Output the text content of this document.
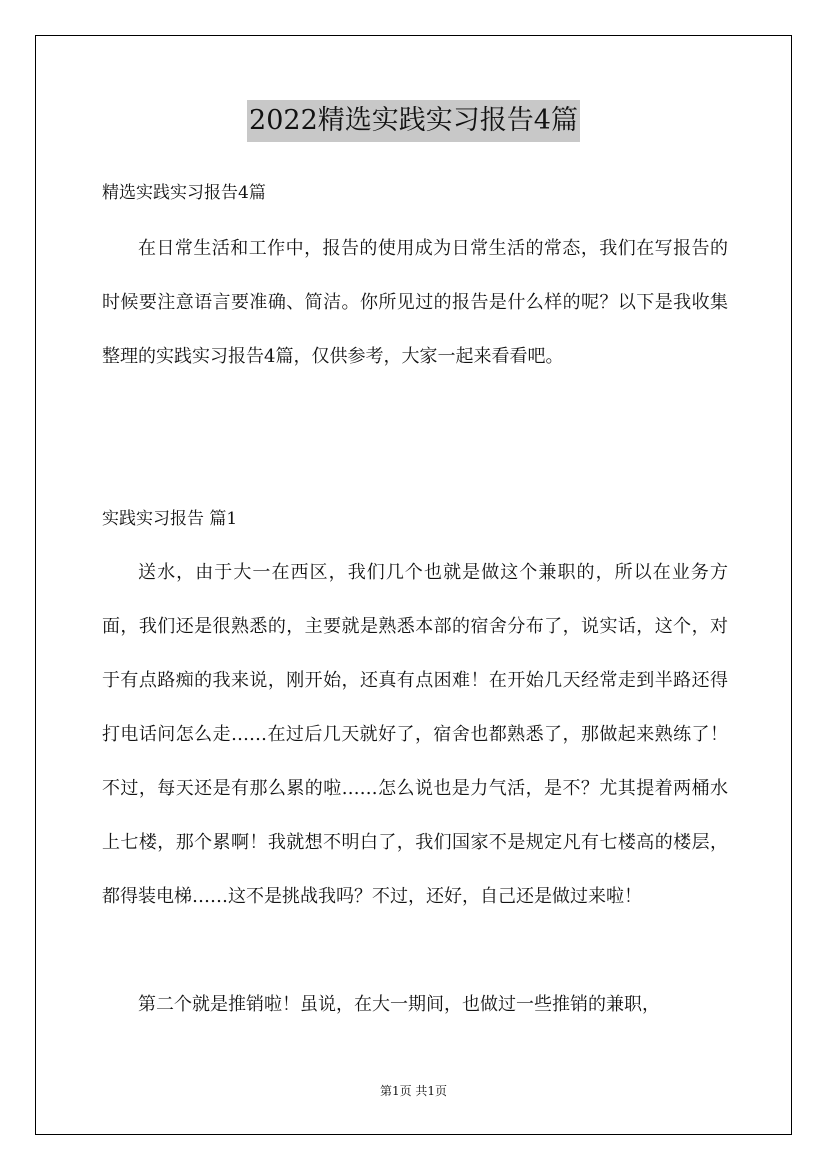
2022精选实践实习报告4篇
精选实践实习报告4篇

在日常生活和工作中，报告的使用成为日常生活的常态，我们在写报告的时候要注意语言要准确、简洁。你所见过的报告是什么样的呢？以下是我收集整理的实践实习报告4篇，仅供参考，大家一起来看看吧。

实践实习报告 篇1

送水，由于大一在西区，我们几个也就是做这个兼职的，所以在业务方面，我们还是很熟悉的，主要就是熟悉本部的宿舍分布了，说实话，这个，对于有点路痴的我来说，刚开始，还真有点困难！在开始几天经常走到半路还得打电话问怎么走……在过后几天就好了，宿舍也都熟悉了，那做起来熟练了！不过，每天还是有那么累的啦……怎么说也是力气活，是不？尤其提着两桶水上七楼，那个累啊！我就想不明白了，我们国家不是规定凡有七楼高的楼层，都得装电梯……这不是挑战我吗？不过，还好，自己还是做过来啦！

第二个就是推销啦！虽说，在大一期间，也做过一些推销的兼职，

第1页 共1页
